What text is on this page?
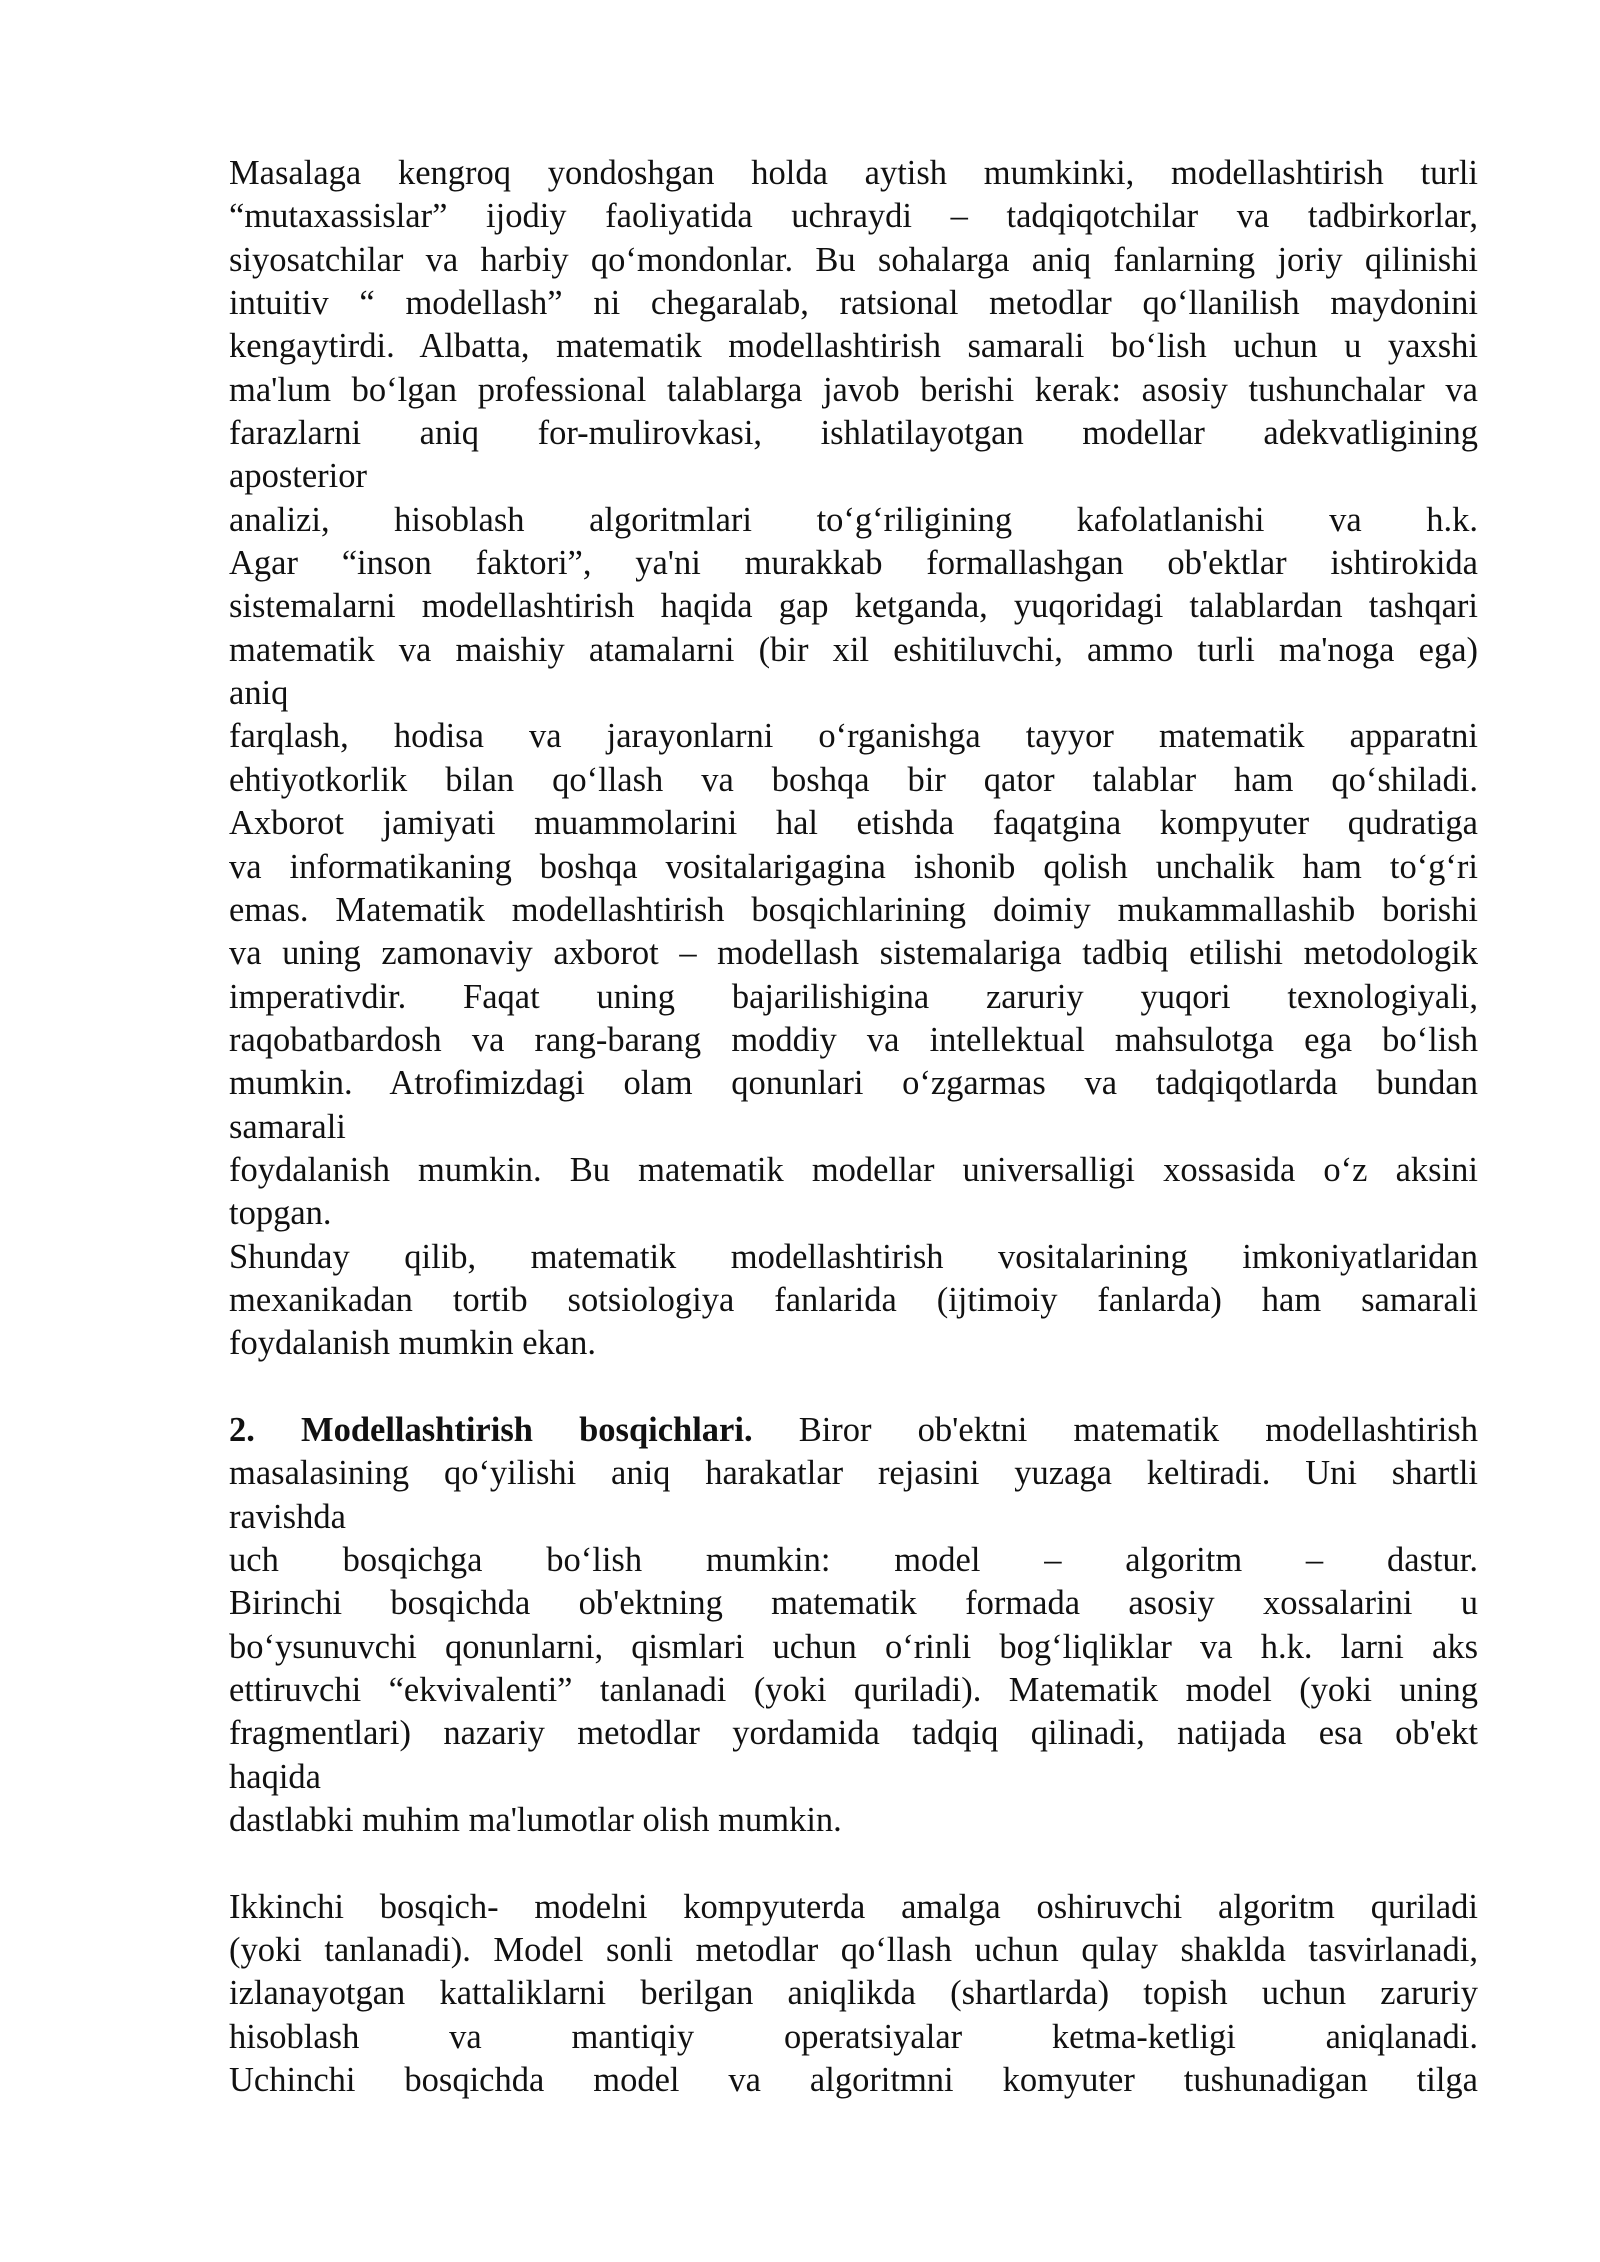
Masalaga kengroq yondoshgan holda aytish mumkinki, modellashtirish turli
“mutaxassislar” ijodiy faoliyatida uchraydi – tadqiqotchilar va tadbirkorlar,
siyosatchilar va harbiy qo‘mondonlar. Bu sohalarga aniq fanlarning joriy qilinishi
intuitiv “ modellash” ni chegaralab, ratsional metodlar qo‘llanilish maydonini
kengaytirdi. Albatta, matematik modellashtirish samarali bo‘lish uchun u yaxshi
ma'lum bo‘lgan professional talablarga javob berishi kerak: asosiy tushunchalar va
farazlarni aniq for-mulirovkasi, ishlatilayotgan modellar adekvatligining
aposterior
analizi, hisoblash algoritmlari to‘g‘riligining kafolatlanishi va h.k.
Agar “inson faktori”, ya'ni murakkab formallashgan ob'ektlar ishtirokida
sistemalarni modellashtirish haqida gap ketganda, yuqoridagi talablardan tashqari
matematik va maishiy atamalarni (bir xil eshitiluvchi, ammo turli ma'noga ega)
aniq
farqlash, hodisa va jarayonlarni o‘rganishga tayyor matematik apparatni
ehtiyotkorlik bilan qo‘llash va boshqa bir qator talablar ham qo‘shiladi.
Axborot jamiyati muammolarini hal etishda faqatgina kompyuter qudratiga
va informatikaning boshqa vositalarigagina ishonib qolish unchalik ham to‘g‘ri
emas. Matematik modellashtirish bosqichlarining doimiy mukammallashib borishi
va uning zamonaviy axborot – modellash sistemalariga tadbiq etilishi metodologik
imperativdir. Faqat uning bajarilishigina zaruriy yuqori texnologiyali,
raqobatbardosh va rang-barang moddiy va intellektual mahsulotga ega bo‘lish
mumkin. Atrofimizdagi olam qonunlari o‘zgarmas va tadqiqotlarda bundan
samarali
foydalanish mumkin. Bu matematik modellar universalligi xossasida o‘z aksini
topgan.
Shunday qilib, matematik modellashtirish vositalarining imkoniyatlaridan
mexanikadan tortib sotsiologiya fanlarida (ijtimoiy fanlarda) ham samarali
foydalanish mumkin ekan.
2. Modellashtirish bosqichlari. Biror ob'ektni matematik modellashtirish
masalasining qo‘yilishi aniq harakatlar rejasini yuzaga keltiradi. Uni shartli
ravishda
uch bosqichga bo‘lish mumkin: model – algoritm – dastur.
Birinchi bosqichda ob'ektning matematik formada asosiy xossalarini u
bo‘ysunuvchi qonunlarni, qismlari uchun o‘rinli bog‘liqliklar va h.k. larni aks
ettiruvchi “ekvivalenti” tanlanadi (yoki quriladi). Matematik model (yoki uning
fragmentlari) nazariy metodlar yordamida tadqiq qilinadi, natijada esa ob'ekt
haqida
dastlabki muhim ma'lumotlar olish mumkin.
Ikkinchi bosqich- modelni kompyuterda amalga oshiruvchi algoritm quriladi
(yoki tanlanadi). Model sonli metodlar qo‘llash uchun qulay shaklda tasvirlanadi,
izlanayotgan kattaliklarni berilgan aniqlikda (shartlarda) topish uchun zaruriy
hisoblash va mantiqiy operatsiyalar ketma-ketligi aniqlanadi.
Uchinchi bosqichda model va algoritmni komyuter tushunadigan tilga
